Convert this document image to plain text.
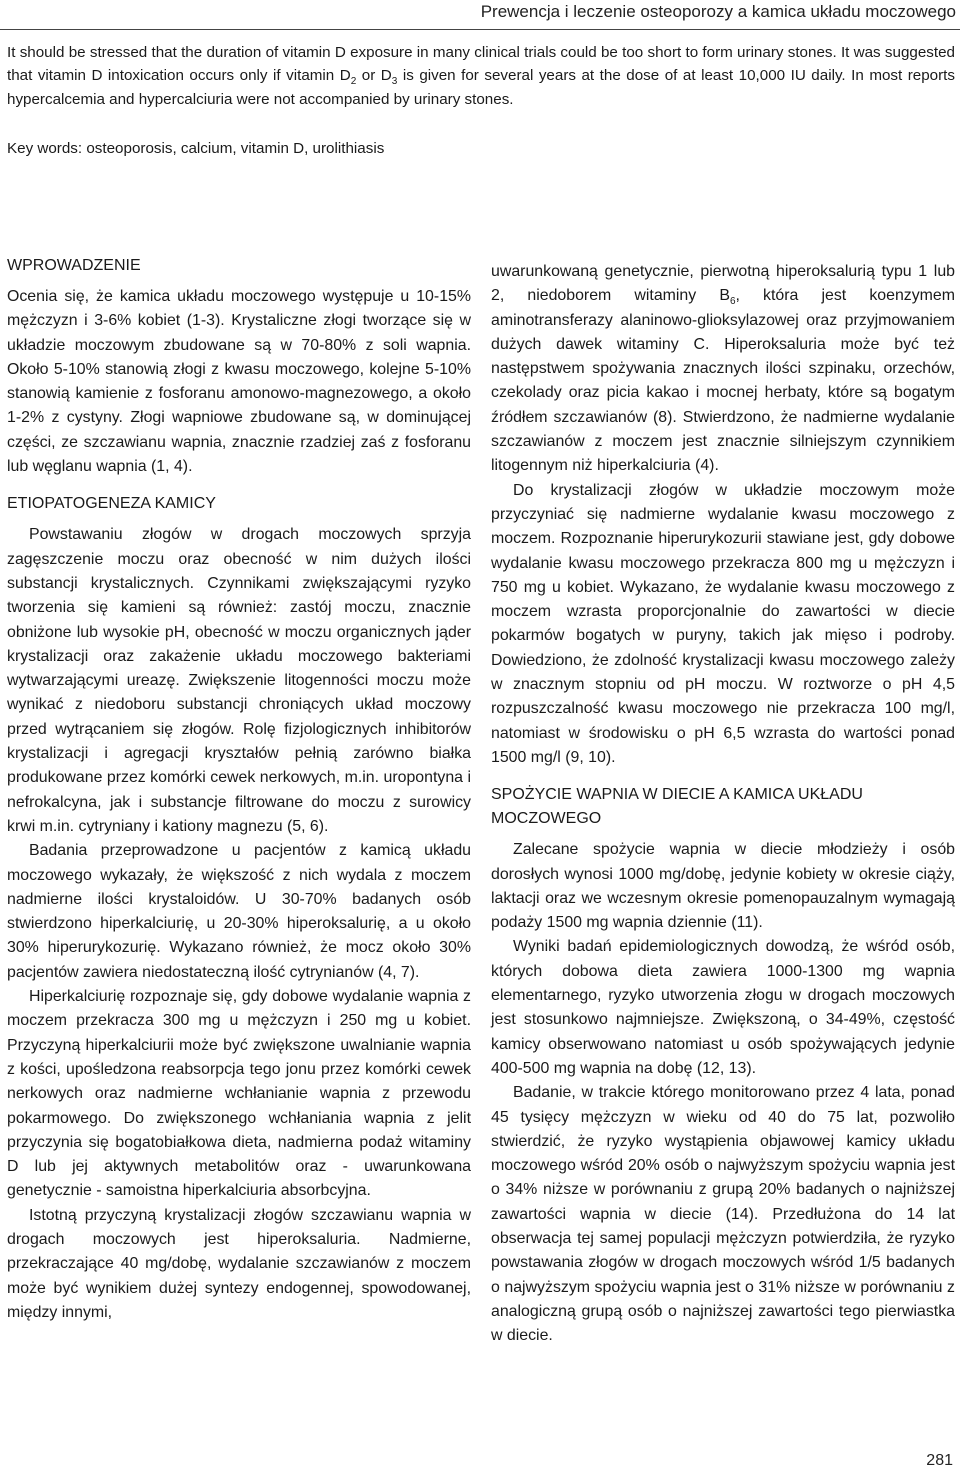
Prewencja i leczenie osteoporozy a kamica układu moczowego

It should be stressed that the duration of vitamin D exposure in many clinical trials could be too short to form urinary stones. It was suggested that vitamin D intoxication occurs only if vitamin $D_2$ or $D_3$ is given for several years at the dose of at least 10,000 IU daily. In most reports hypercalcemia and hypercalciuria were not accompanied by urinary stones.

Key words: osteoporosis, calcium, vitamin D, urolithiasis

WPROWADZENIE

Ocenia się, że kamica układu moczowego występuje u 10-15% mężczyzn i 3-6% kobiet (1-3). Krystaliczne złogi tworzące się w układzie moczowym zbudowane są w 70-80% z soli wapnia. Około 5-10% stanowią złogi z kwasu moczowego, kolejne 5-10% stanowią kamienie z fosforanu amonowo-magnezowego, a około 1-2% z cystyny. Złogi wapniowe zbudowane są, w dominującej części, ze szczawianu wapnia, znacznie rzadziej zaś z fosforanu lub węglanu wapnia (1, 4).

ETIOPATOGENEZA KAMICY

Powstawaniu złogów w drogach moczowych sprzyja zagęszczenie moczu oraz obecność w nim dużych ilości substancji krystalicznych. Czynnikami zwiększającymi ryzyko tworzenia się kamieni są również: zastój moczu, znacznie obniżone lub wysokie pH, obecność w moczu organicznych jąder krystalizacji oraz zakażenie układu moczowego bakteriami wytwarzającymi ureazę. Zwiększenie litogenności moczu może wynikać z niedoboru substancji chroniących układ moczowy przed wytrącaniem się złogów. Rolę fizjologicznych inhibitorów krystalizacji i agregacji kryształów pełnią zarówno białka produkowane przez komórki cewek nerkowych, m.in. uropontyna i nefrokalcyna, jak i substancje filtrowane do moczu z surowicy krwi m.in. cytryniany i kationy magnezu (5, 6).

Badania przeprowadzone u pacjentów z kamicą układu moczowego wykazały, że większość z nich wydala z moczem nadmierne ilości krystaloidów. U 30-70% badanych osób stwierdzono hiperkalciurię, u 20-30% hiperoksalurię, a u około 30% hiperurykozurię. Wykazano również, że mocz około 30% pacjentów zawiera niedostateczną ilość cytrynianów (4, 7).

Hiperkalciurię rozpoznaje się, gdy dobowe wydalanie wapnia z moczem przekracza 300 mg u mężczyzn i 250 mg u kobiet. Przyczyną hiperkalciurii może być zwiększone uwalnianie wapnia z kości, upośledzona reabsorpcja tego jonu przez komórki cewek nerkowych oraz nadmierne wchłanianie wapnia z przewodu pokarmowego. Do zwiększonego wchłaniania wapnia z jelit przyczynia się bogatobiałkowa dieta, nadmierna podaż witaminy D lub jej aktywnych metabolitów oraz - uwarunkowana genetycznie - samoistna hiperkalciuria absorbcyjna.

Istotną przyczyną krystalizacji złogów szczawianu wapnia w drogach moczowych jest hiperoksaluria. Nadmierne, przekraczające 40 mg/dobę, wydalanie szczawianów z moczem może być wynikiem dużej syntezy endogennej, spowodowanej, między innymi,

uwarunkowaną genetycznie, pierwotną hiperoksalurią typu 1 lub 2, niedoborem witaminy $B_6$, która jest koenzymem aminotransferazy alaninowo-glioksylazowej oraz przyjmowaniem dużych dawek witaminy C. Hiperoksaluria może być też następstwem spożywania znacznych ilości szpinaku, orzechów, czekolady oraz picia kakao i mocnej herbaty, które są bogatym źródłem szczawianów (8). Stwierdzono, że nadmierne wydalanie szczawianów z moczem jest znacznie silniejszym czynnikiem litogennym niż hiperkalciuria (4).

Do krystalizacji złogów w układzie moczowym może przyczyniać się nadmierne wydalanie kwasu moczowego z moczem. Rozpoznanie hiperurykozurii stawiane jest, gdy dobowe wydalanie kwasu moczowego przekracza 800 mg u mężczyzn i 750 mg u kobiet. Wykazano, że wydalanie kwasu moczowego z moczem wzrasta proporcjonalnie do zawartości w diecie pokarmów bogatych w puryny, takich jak mięso i podroby. Dowiedziono, że zdolność krystalizacji kwasu moczowego zależy w znacznym stopniu od pH moczu. W roztworze o pH 4,5 rozpuszczalność kwasu moczowego nie przekracza 100 mg/l, natomiast w środowisku o pH 6,5 wzrasta do wartości ponad 1500 mg/l (9, 10).

SPOŻYCIE WAPNIA W DIECIE A KAMICA UKŁADU MOCZOWEGO

Zalecane spożycie wapnia w diecie młodzieży i osób dorosłych wynosi 1000 mg/dobę, jedynie kobiety w okresie ciąży, laktacji oraz we wczesnym okresie pomenopauzalnym wymagają podaży 1500 mg wapnia dziennie (11).

Wyniki badań epidemiologicznych dowodzą, że wśród osób, których dobowa dieta zawiera 1000-1300 mg wapnia elementarnego, ryzyko utworzenia złogu w drogach moczowych jest stosunkowo najmniejsze. Zwiększoną, o 34-49%, częstość kamicy obserwowano natomiast u osób spożywających jedynie 400-500 mg wapnia na dobę (12, 13).

Badanie, w trakcie którego monitorowano przez 4 lata, ponad 45 tysięcy mężczyzn w wieku od 40 do 75 lat, pozwoliło stwierdzić, że ryzyko wystąpienia objawowej kamicy układu moczowego wśród 20% osób o najwyższym spożyciu wapnia jest o 34% niższe w porównaniu z grupą 20% badanych o najniższej zawartości wapnia w diecie (14). Przedłużona do 14 lat obserwacja tej samej populacji mężczyzn potwierdziła, że ryzyko powstawania złogów w drogach moczowych wśród 1/5 badanych o najwyższym spożyciu wapnia jest o 31% niższe w porównaniu z analogiczną grupą osób o najniższej zawartości tego pierwiastka w diecie.

281
